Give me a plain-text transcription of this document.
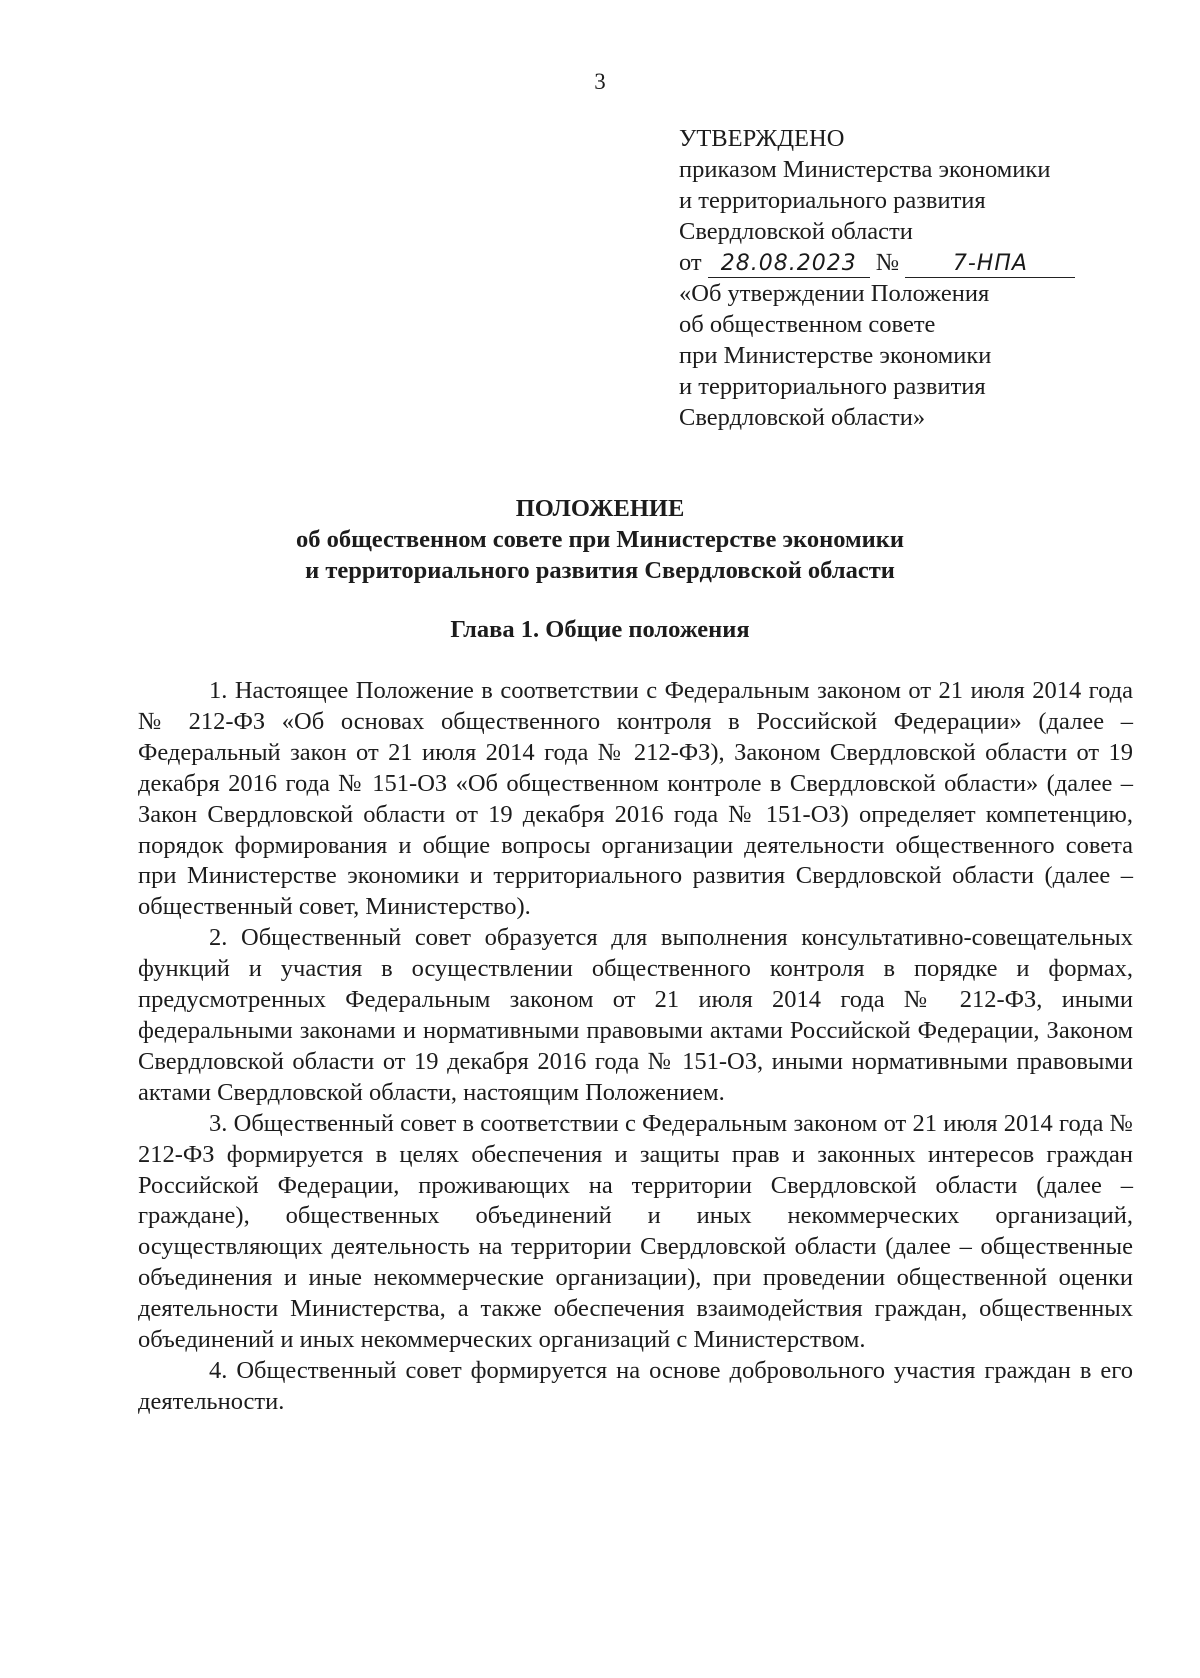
3
УТВЕРЖДЕНО
приказом Министерства экономики
и территориального развития
Свердловской области
от 28.08.2023 № 7-НПА
«Об утверждении Положения
об общественном совете
при Министерстве экономики
и территориального развития
Свердловской области»
ПОЛОЖЕНИЕ
об общественном совете при Министерстве экономики
и территориального развития Свердловской области
Глава 1. Общие положения

1. Настоящее Положение в соответствии с Федеральным законом от 21 июля 2014 года № 212-ФЗ «Об основах общественного контроля в Российской Федерации» (далее – Федеральный закон от 21 июля 2014 года № 212-ФЗ), Законом Свердловской области от 19 декабря 2016 года № 151-ОЗ «Об общественном контроле в Свердловской области» (далее – Закон Свердловской области от 19 декабря 2016 года № 151-ОЗ) определяет компетенцию, порядок формирования и общие вопросы организации деятельности общественного совета при Министерстве экономики и территориального развития Свердловской области (далее – общественный совет, Министерство).

2. Общественный совет образуется для выполнения консультативно-совещательных функций и участия в осуществлении общественного контроля в порядке и формах, предусмотренных Федеральным законом от 21 июля 2014 года № 212-ФЗ, иными федеральными законами и нормативными правовыми актами Российской Федерации, Законом Свердловской области от 19 декабря 2016 года № 151-ОЗ, иными нормативными правовыми актами Свердловской области, настоящим Положением.

3. Общественный совет в соответствии с Федеральным законом от 21 июля 2014 года № 212-ФЗ формируется в целях обеспечения и защиты прав и законных интересов граждан Российской Федерации, проживающих на территории Свердловской области (далее – граждане), общественных объединений и иных некоммерческих организаций, осуществляющих деятельность на территории Свердловской области (далее – общественные объединения и иные некоммерческие организации), при проведении общественной оценки деятельности Министерства, а также обеспечения взаимодействия граждан, общественных объединений и иных некоммерческих организаций с Министерством.

4. Общественный совет формируется на основе добровольного участия граждан в его деятельности.
